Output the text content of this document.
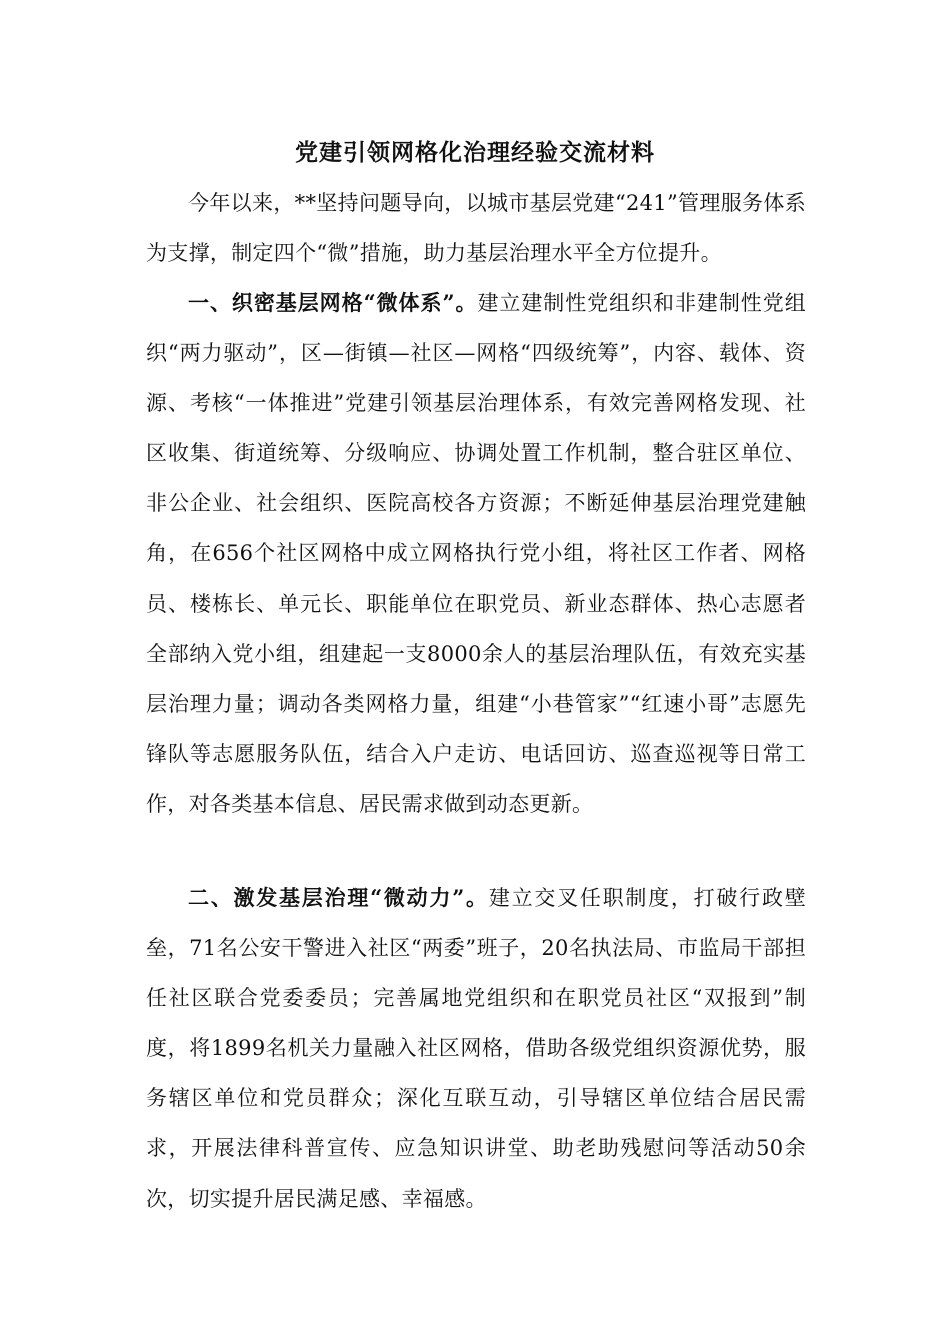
党建引领网格化治理经验交流材料

今年以来，**坚持问题导向，以城市基层党建“241”管理服务体系为支撑，制定四个“微”措施，助力基层治理水平全方位提升。

一、织密基层网格“微体系”。建立建制性党组织和非建制性党组织“两力驱动”，区—街镇—社区—网格“四级统筹”，内容、载体、资源、考核“一体推进”党建引领基层治理体系，有效完善网格发现、社区收集、街道统筹、分级响应、协调处置工作机制，整合驻区单位、非公企业、社会组织、医院高校各方资源；不断延伸基层治理党建触角，在656个社区网格中成立网格执行党小组，将社区工作者、网格员、楼栋长、单元长、职能单位在职党员、新业态群体、热心志愿者全部纳入党小组，组建起一支8000余人的基层治理队伍，有效充实基层治理力量；调动各类网格力量，组建“小巷管家”“红速小哥”志愿先锋队等志愿服务队伍，结合入户走访、电话回访、巡查巡视等日常工作，对各类基本信息、居民需求做到动态更新。

二、激发基层治理“微动力”。建立交叉任职制度，打破行政壁垒，71名公安干警进入社区“两委”班子，20名执法局、市监局干部担任社区联合党委委员；完善属地党组织和在职党员社区“双报到”制度，将1899名机关力量融入社区网格，借助各级党组织资源优势，服务辖区单位和党员群众；深化互联互动，引导辖区单位结合居民需求，开展法律科普宣传、应急知识讲堂、助老助残慰问等活动50余次，切实提升居民满足感、幸福感。
